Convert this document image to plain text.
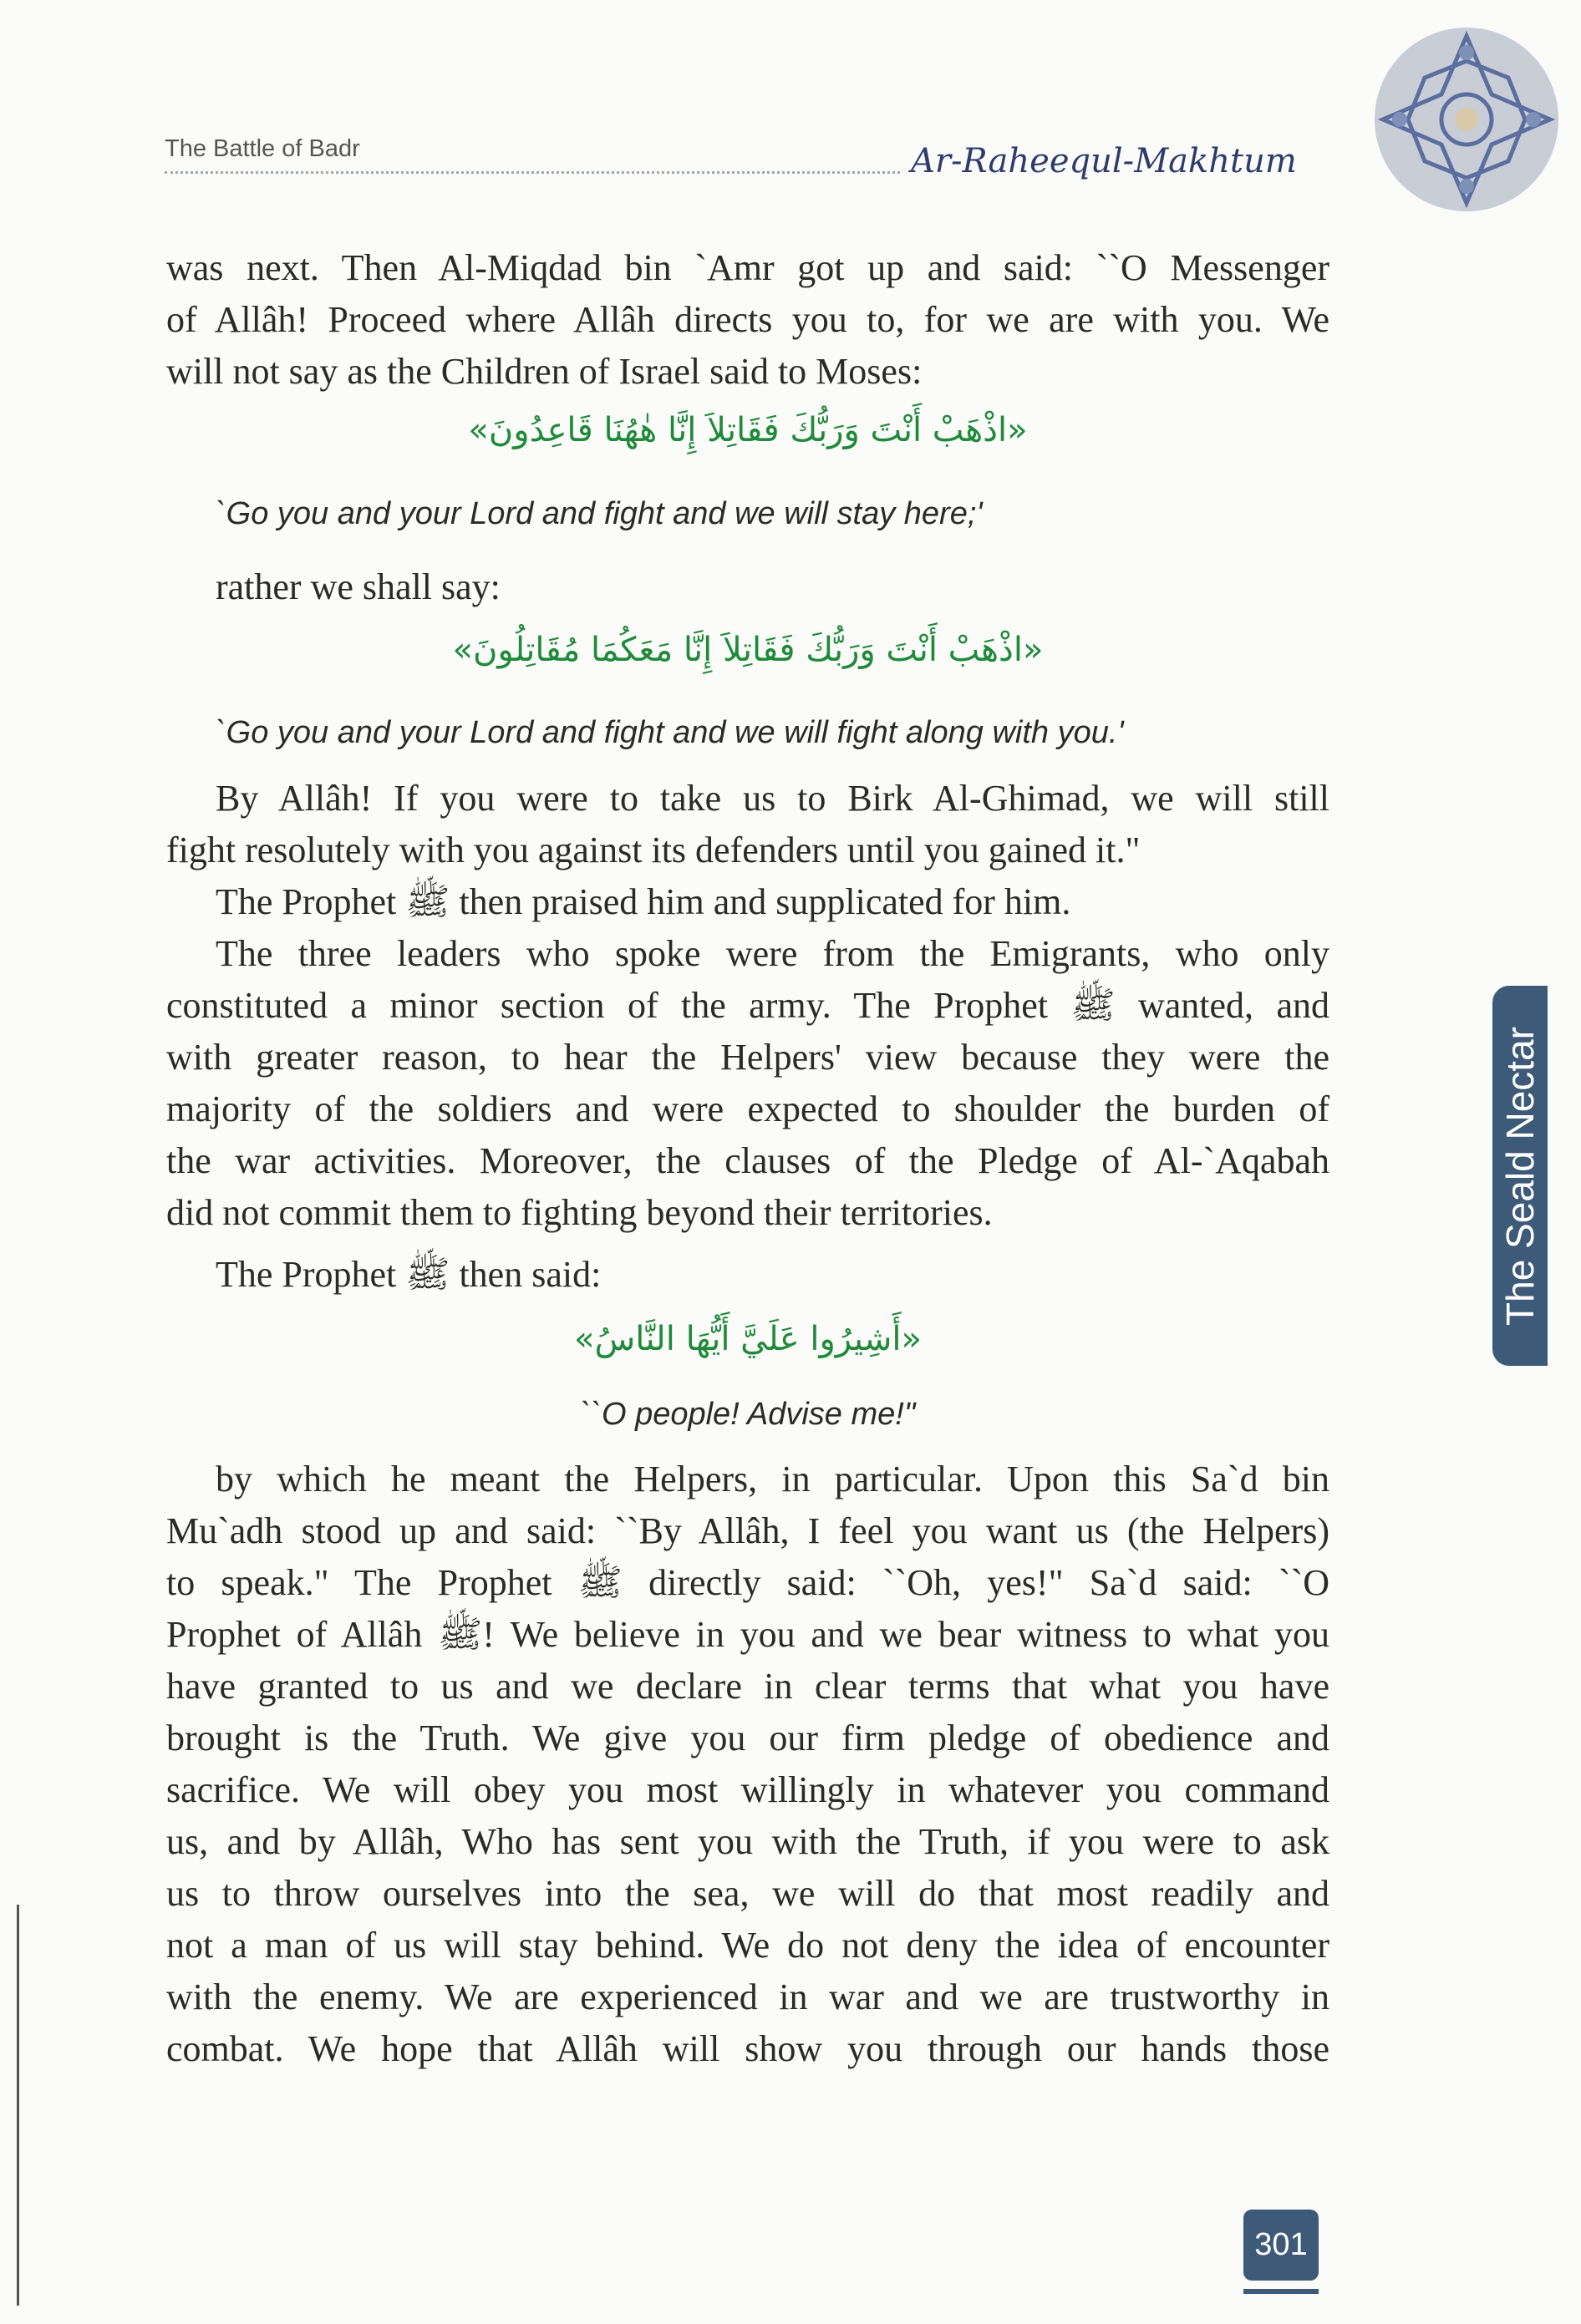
The Battle of Badr	Ar-Raheequl-Makhtum
was next. Then Al-Miqdad bin `Amr got up and said: ``O Messenger
of Allâh! Proceed where Allâh directs you to, for we are with you. We
will not say as the Children of Israel said to Moses:
«اذْهَبْ أَنْتَ وَرَبُّكَ فَقَاتِلاَ إِنَّا هٰهُنَا قَاعِدُونَ»
`Go you and your Lord and fight and we will stay here;'
rather we shall say:
«اذْهَبْ أَنْتَ وَرَبُّكَ فَقَاتِلاَ إِنَّا مَعَكُمَا مُقَاتِلُونَ»
`Go you and your Lord and fight and we will fight along with you.'
By Allâh! If you were to take us to Birk Al-Ghimad, we will still
fight resolutely with you against its defenders until you gained it."
The Prophet ﷺ then praised him and supplicated for him.
The three leaders who spoke were from the Emigrants, who only
constituted a minor section of the army. The Prophet ﷺ wanted, and
with greater reason, to hear the Helpers' view because they were the
majority of the soldiers and were expected to shoulder the burden of
the war activities. Moreover, the clauses of the Pledge of Al-`Aqabah
did not commit them to fighting beyond their territories.
The Prophet ﷺ then said:
«أَشِيرُوا عَلَيَّ أَيُّهَا النَّاسُ»
``O people! Advise me!"
by which he meant the Helpers, in particular. Upon this Sa`d bin
Mu`adh stood up and said: ``By Allâh, I feel you want us (the Helpers)
to speak." The Prophet ﷺ directly said: ``Oh, yes!" Sa`d said: ``O
Prophet of Allâh ﷺ! We believe in you and we bear witness to what you
have granted to us and we declare in clear terms that what you have
brought is the Truth. We give you our firm pledge of obedience and
sacrifice. We will obey you most willingly in whatever you command
us, and by Allâh, Who has sent you with the Truth, if you were to ask
us to throw ourselves into the sea, we will do that most readily and
not a man of us will stay behind. We do not deny the idea of encounter
with the enemy. We are experienced in war and we are trustworthy in
combat. We hope that Allâh will show you through our hands those
The Seald Nectar
301
